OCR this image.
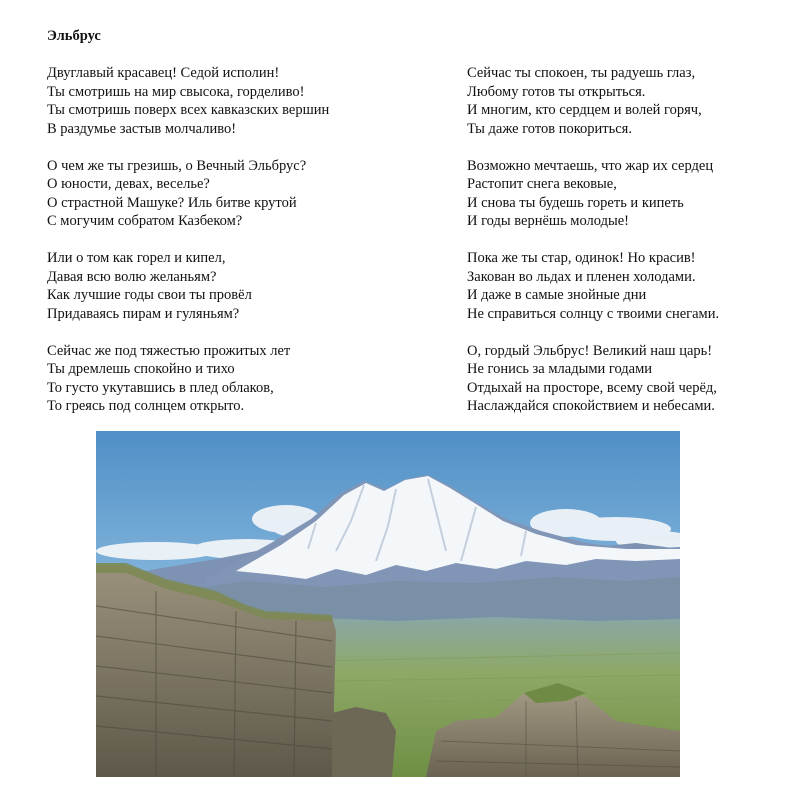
Эльбрус
Двуглавый красавец! Седой исполин!
Ты смотришь на мир свысока, горделиво!
Ты смотришь поверх всех кавказских вершин
В раздумье застыв молчаливо!
О чем же ты грезишь, о Вечный Эльбрус?
О юности, девах, веселье?
О страстной Машуке? Иль битве крутой
С могучим собратом Казбеком?
Или о том как горел и кипел,
Давая всю волю желаньям?
Как лучшие годы свои ты провёл
Придаваясь пирам и гуляньям?
Сейчас же под тяжестью прожитых лет
Ты дремлешь спокойно и тихо
То густо укутавшись в плед облаков,
То греясь под солнцем открыто.
Сейчас ты спокоен, ты радуешь глаз,
Любому готов ты открыться.
И многим, кто сердцем и волей горяч,
Ты даже готов покориться.
Возможно мечтаешь, что жар их сердец
Растопит снега вековые,
И снова ты будешь гореть и кипеть
И годы вернёшь молодые!
Пока же ты стар, одинок! Но красив!
Закован во льдах и пленен холодами.
И даже в самые знойные дни
Не справиться солнцу с твоими снегами.
О, гордый Эльбрус! Великий наш царь!
Не гонись за младыми годами
Отдыхай на просторе, всему свой черёд,
Наслаждайся спокойствием и небесами.
